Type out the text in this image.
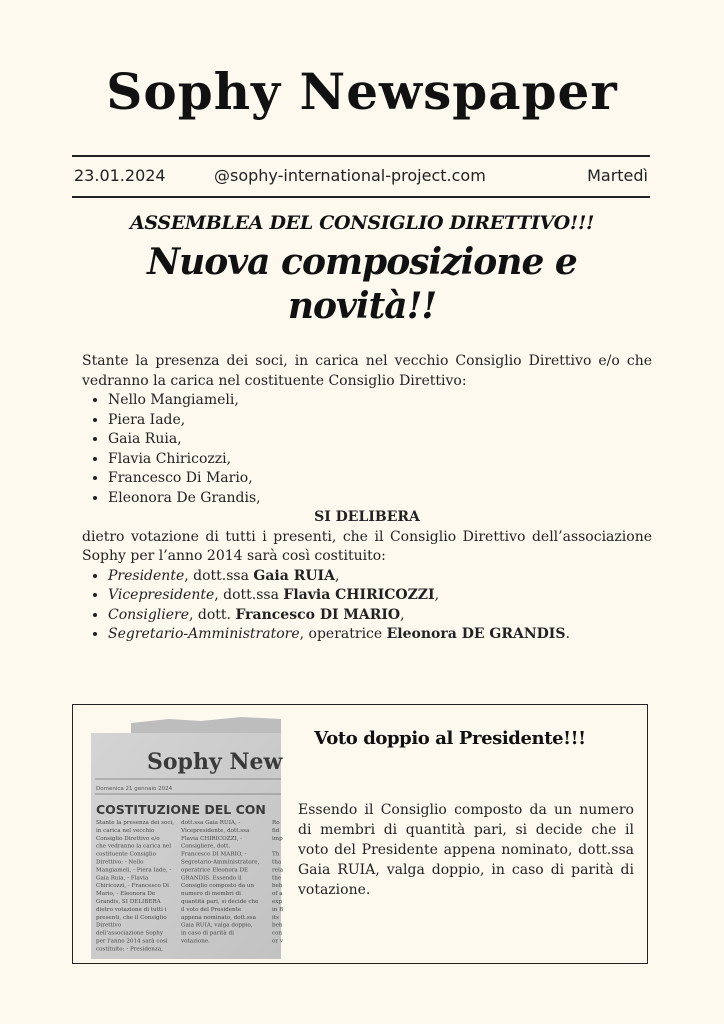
Sophy Newspaper
23.01.2024	@sophy-international-project.com	Martedì
ASSEMBLEA DEL CONSIGLIO DIRETTIVO!!!
Nuova composizione e novità!!

Stante la presenza dei soci, in carica nel vecchio Consiglio Direttivo e/o che vedranno la carica nel costituente Consiglio Direttivo:

• Nello Mangiameli,
• Piera Iade,
• Gaia Ruia,
• Flavia Chiricozzi,
• Francesco Di Mario,
• Eleonora De Grandis,

SI DELIBERA

dietro votazione di tutti i presenti, che il Consiglio Direttivo dell’associazione Sophy per l’anno 2014 sarà così costituito:

• Presidente, dott.ssa Gaia RUIA,
• Vicepresidente, dott.ssa Flavia CHIRICOZZI,
• Consigliere, dott. Francesco DI MARIO,
• Segretario-Amministratore, operatrice Eleonora DE GRANDIS.
Sophy New
Domenica 21 gennaio 2024
COSTITUZIONE DEL CON
Stante la presenza dei soci,
in carica nel vecchio
Consiglio Direttivo e/o
che vedranno la carica nel
costituente Consiglio
Direttivo: - Nello
Mangiameli, - Piera Iade, -
Gaia Ruia, - Flavia
Chiricozzi, - Francesco Di
Mario, - Eleonora De
Grandis, SI DELIBERA
dietro votazione di tutti i
presenti, che il Consiglio
Direttivo
dell'associazione Sophy
per l'anno 2014 sarà così
costituito: - Presidenza,
dott.ssa Gaia RUIA, -
Vicepresidente, dott.ssa
Flavia CHIRICOZZI, -
Consigliere, dott.
Francesco DI MARIO, -
Segretario-Amministratore,
operatrice Eleonora DE
GRANDIS. Essendo il
Consiglio composto da un
numero di membri di
quantità pari, si decide che
il voto del Presidente
appena nominato, dott.ssa
Gaia RUIA, valga doppio,
in caso di parità di
votazione.
Ro
fid
imp
Th
tha
rela
the
beh
of a
exp
in B
its
beh
con
or v
Voto doppio al Presidente!!!
Essendo il Consiglio composto da un numero di membri di quantità pari, si decide che il voto del Presidente appena nominato, dott.ssa Gaia RUIA, valga doppio, in caso di parità di votazione.
